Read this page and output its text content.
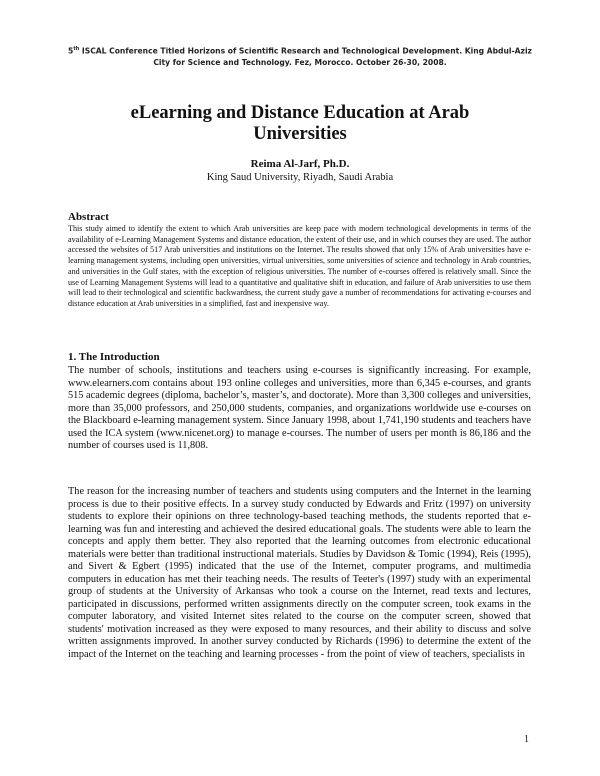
5th ISCAL Conference Titled Horizons of Scientific Research and Technological Development. King Abdul-Aziz
City for Science and Technology. Fez, Morocco. October 26-30, 2008.
eLearning and Distance Education at Arab
Universities
Reima Al-Jarf, Ph.D.
King Saud University, Riyadh, Saudi Arabia
Abstract
This study aimed to identify the extent to which Arab universities are keep pace with modern technological developments in terms of the availability of e-Learning Management Systems and distance education, the extent of their use, and in which courses they are used. The author accessed the websites of 517 Arab universities and institutions on the Internet. The results showed that only 15% of Arab universities have e-learning management systems, including open universities, virtual universities, some universities of science and technology in Arab countries, and universities in the Gulf states, with the exception of religious universities. The number of e-courses offered is relatively small. Since the use of Learning Management Systems will lead to a quantitative and qualitative shift in education, and failure of Arab universities to use them will lead to their technological and scientific backwardness, the current study gave a number of recommendations for activating e-courses and distance education at Arab universities in a simplified, fast and inexpensive way.
1. The Introduction
The number of schools, institutions and teachers using e-courses is significantly increasing. For example, www.elearners.com contains about 193 online colleges and universities, more than 6,345 e-courses, and grants 515 academic degrees (diploma, bachelor’s, master’s, and doctorate). More than 3,300 colleges and universities, more than 35,000 professors, and 250,000 students, companies, and organizations worldwide use e-courses on the Blackboard e-learning management system. Since January 1998, about 1,741,190 students and teachers have used the ICA system (www.nicenet.org) to manage e-courses. The number of users per month is 86,186 and the number of courses used is 11,808.
The reason for the increasing number of teachers and students using computers and the Internet in the learning process is due to their positive effects. In a survey study conducted by Edwards and Fritz (1997) on university students to explore their opinions on three technology-based teaching methods, the students reported that e-learning was fun and interesting and achieved the desired educational goals. The students were able to learn the concepts and apply them better. They also reported that the learning outcomes from electronic educational materials were better than traditional instructional materials. Studies by Davidson & Tomic (1994), Reis (1995), and Sivert & Egbert (1995) indicated that the use of the Internet, computer programs, and multimedia computers in education has met their teaching needs. The results of Teeter's (1997) study with an experimental group of students at the University of Arkansas who took a course on the Internet, read texts and lectures, participated in discussions, performed written assignments directly on the computer screen, took exams in the computer laboratory, and visited Internet sites related to the course on the computer screen, showed that students' motivation increased as they were exposed to many resources, and their ability to discuss and solve written assignments improved. In another survey conducted by Richards (1996) to determine the extent of the impact of the Internet on the teaching and learning processes - from the point of view of teachers, specialists in
1
